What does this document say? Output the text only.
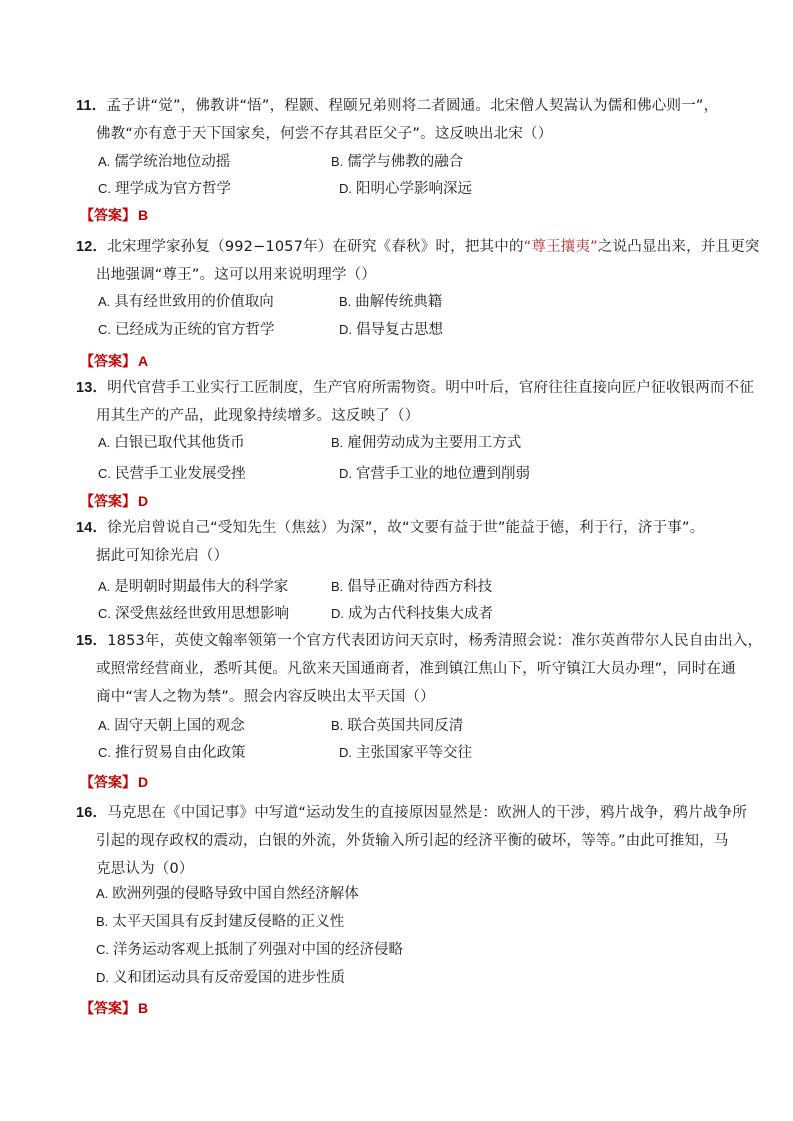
11．孟子讲“觉”，佛教讲“悟”，程颢、程颐兄弟则将二者圆通。北宋僧人契嵩认为儒和佛心则一”，
佛教“亦有意于天下国家矣，何尝不存其君臣父子”。这反映出北宋（）
A. 儒学统治地位动摇	B. 儒学与佛教的融合
C. 理学成为官方哲学	D. 阳明心学影响深远
【答案】 B
12．北宋理学家孙复（992−1057年）在研究《春秋》时，把其中的“尊王攘夷”之说凸显出来，并且更突
出地强调“尊王”。这可以用来说明理学（）
A. 具有经世致用的价值取向	B. 曲解传统典籍
C. 已经成为正统的官方哲学	D. 倡导复古思想
【答案】 A
13．明代官营手工业实行工匠制度，生产官府所需物资。明中叶后，官府往往直接向匠户征收银两而不征
用其生产的产品，此现象持续增多。这反映了（）
A. 白银已取代其他货币	B. 雇佣劳动成为主要用工方式
C. 民营手工业发展受挫	D. 官营手工业的地位遭到削弱
【答案】 D
14．徐光启曾说自己“受知先生（焦兹）为深”，故“文要有益于世”能益于德，利于行，济于事”。
据此可知徐光启（）
A. 是明朝时期最伟大的科学家	B. 倡导正确对待西方科技
C. 深受焦兹经世致用思想影响	D. 成为古代科技集大成者
15．1853年，英使文翰率领第一个官方代表团访问天京时，杨秀清照会说：准尔英酋带尔人民自由出入，
或照常经营商业，悉听其便。凡欲来天国通商者，准到镇江焦山下，听守镇江大员办理”，同时在通
商中“害人之物为禁”。照会内容反映出太平天国（）
A. 固守天朝上国的观念	B. 联合英国共同反清
C. 推行贸易自由化政策	D. 主张国家平等交往
【答案】 D
16．马克思在《中国记事》中写道“运动发生的直接原因显然是：欧洲人的干涉，鸦片战争，鸦片战争所
引起的现存政权的震动，白银的外流，外货输入所引起的经济平衡的破坏，等等。”由此可推知，马
克思认为（0）
A. 欧洲列强的侵略导致中国自然经济解体
B. 太平天国具有反封建反侵略的正义性
C. 洋务运动客观上抵制了列强对中国的经济侵略
D. 义和团运动具有反帝爱国的进步性质
【答案】 B
